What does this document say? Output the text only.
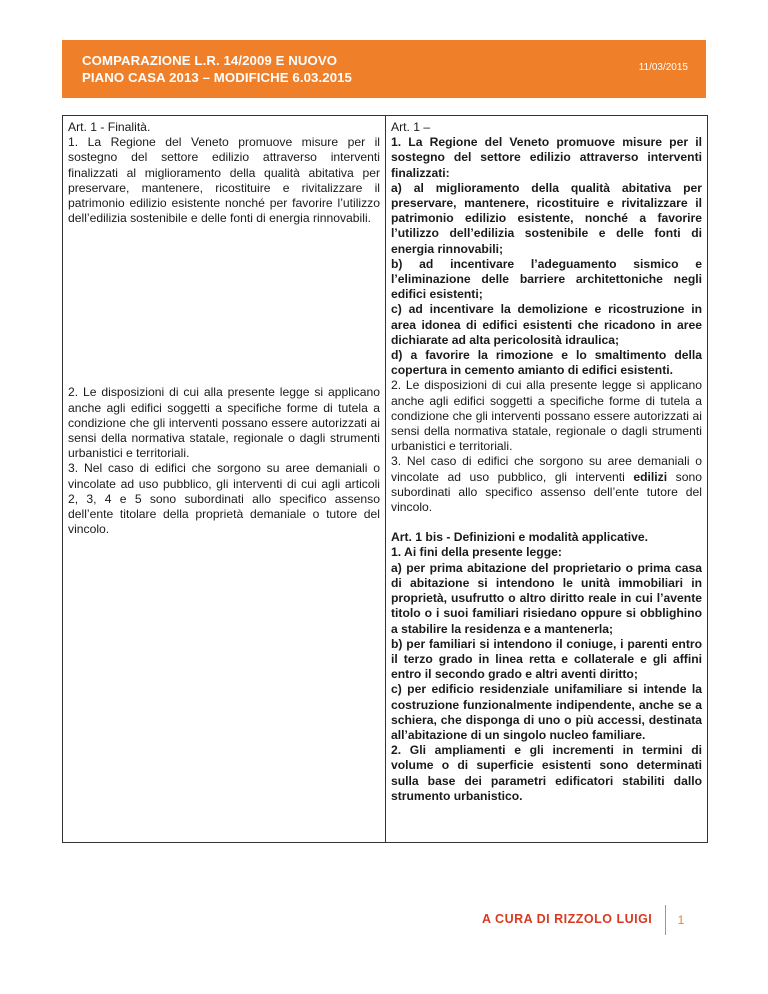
COMPARAZIONE L.R. 14/2009 E NUOVO
PIANO CASA 2013 – MODIFICHE 6.03.2015
11/03/2015
Art. 1 - Finalità.
1. La Regione del Veneto promuove misure per il sostegno del settore edilizio attraverso interventi finalizzati al miglioramento della qualità abitativa per preservare, mantenere, ricostituire e rivitalizzare il patrimonio edilizio esistente nonché per favorire l’utilizzo dell’edilizia sostenibile e delle fonti di energia rinnovabili.
2. Le disposizioni di cui alla presente legge si applicano anche agli edifici soggetti a specifiche forme di tutela a condizione che gli interventi possano essere autorizzati ai sensi della normativa statale, regionale o dagli strumenti urbanistici e territoriali.
3. Nel caso di edifici che sorgono su aree demaniali o vincolate ad uso pubblico, gli interventi di cui agli articoli 2, 3, 4 e 5 sono subordinati allo specifico assenso dell’ente titolare della proprietà demaniale o tutore del vincolo.

Art. 1 –
1. La Regione del Veneto promuove misure per il sostegno del settore edilizio attraverso interventi finalizzati:
a) al miglioramento della qualità abitativa per preservare, mantenere, ricostituire e rivitalizzare il patrimonio edilizio esistente, nonché a favorire l’utilizzo dell’edilizia sostenibile e delle fonti di energia rinnovabili;
b) ad incentivare l’adeguamento sismico e l’eliminazione delle barriere architettoniche negli edifici esistenti;
c) ad incentivare la demolizione e ricostruzione in area idonea di edifici esistenti che ricadono in aree dichiarate ad alta pericolosità idraulica;
d) a favorire la rimozione e lo smaltimento della copertura in cemento amianto di edifici esistenti.
2. Le disposizioni di cui alla presente legge si applicano anche agli edifici soggetti a specifiche forme di tutela a condizione che gli interventi possano essere autorizzati ai sensi della normativa statale, regionale o dagli strumenti urbanistici e territoriali.
3. Nel caso di edifici che sorgono su aree demaniali o vincolate ad uso pubblico, gli interventi edilizi sono subordinati allo specifico assenso dell’ente tutore del vincolo.
Art. 1 bis - Definizioni e modalità applicative.
1. Ai fini della presente legge:
a) per prima abitazione del proprietario o prima casa di abitazione si intendono le unità immobiliari in proprietà, usufrutto o altro diritto reale in cui l’avente titolo o i suoi familiari risiedano oppure si obblighino a stabilire la residenza e a mantenerla;
b) per familiari si intendono il coniuge, i parenti entro il terzo grado in linea retta e collaterale e gli affini entro il secondo grado e altri aventi diritto;
c) per edificio residenziale unifamiliare si intende la costruzione funzionalmente indipendente, anche se a schiera, che disponga di uno o più accessi, destinata all’abitazione di un singolo nucleo familiare.
2. Gli ampliamenti e gli incrementi in termini di volume o di superficie esistenti sono determinati sulla base dei parametri edificatori stabiliti dallo strumento urbanistico.
A CURA DI RIZZOLO LUIGI	1
